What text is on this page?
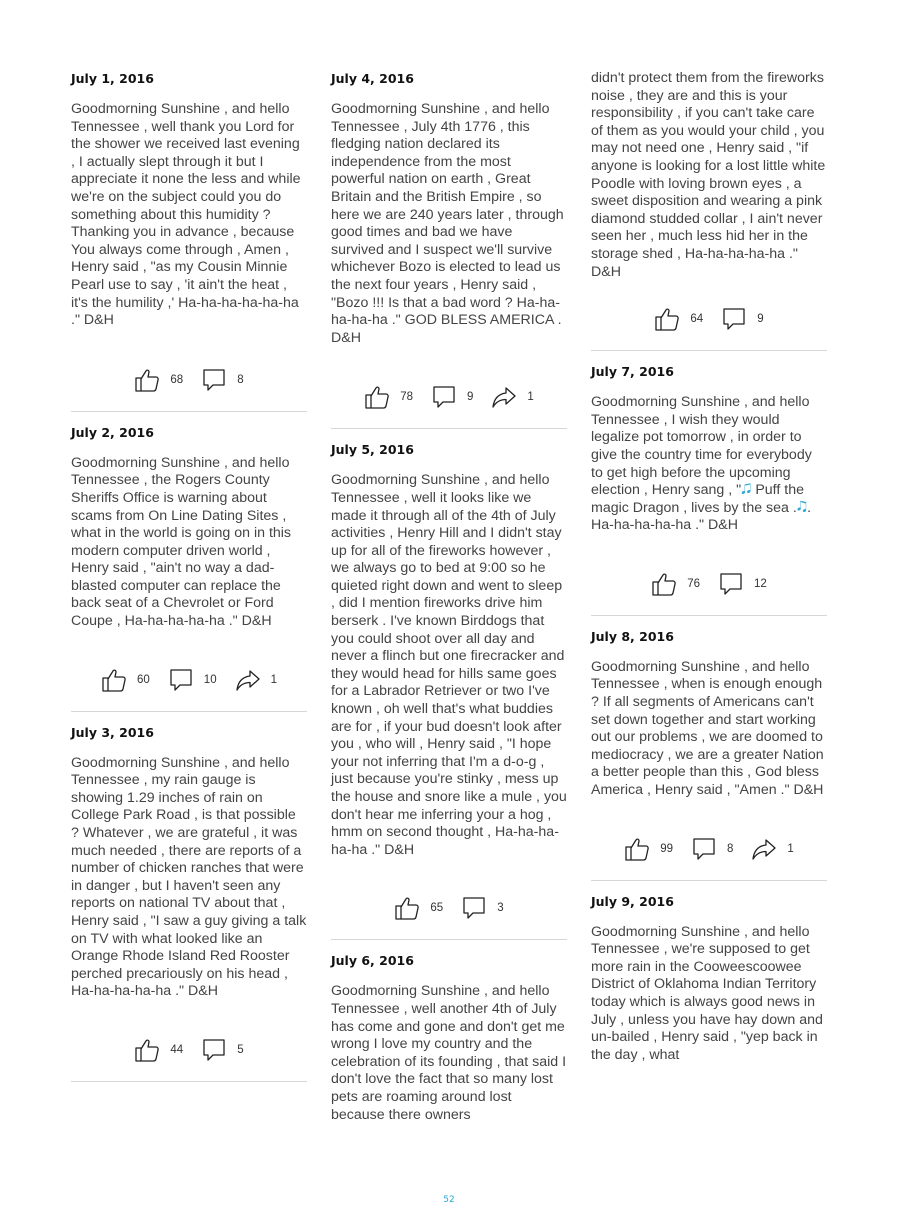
July 1, 2016

Goodmorning Sunshine , and hello Tennessee , well thank you Lord for the shower we received last evening , I actually slept through it but I appreciate it none the less and while we're on the subject could you do something about this humidity ? Thanking you in advance , because You always come through , Amen , Henry said , "as my Cousin Minnie Pearl use to say , 'it ain't the heat , it's the humility ,' Ha-ha-ha-ha-ha-ha ." D&H

68	8

July 2, 2016

Goodmorning Sunshine , and hello Tennessee , the Rogers County Sheriffs Office is warning about scams from On Line Dating Sites , what in the world is going on in this modern computer driven world , Henry said , "ain't no way a dad-blasted computer can replace the back seat of a Chevrolet or Ford Coupe , Ha-ha-ha-ha-ha ." D&H

60	10	1

July 3, 2016

Goodmorning Sunshine , and hello Tennessee , my rain gauge is showing 1.29 inches of rain on College Park Road , is that possible ? Whatever , we are grateful , it was much needed , there are reports of a number of chicken ranches that were in danger , but I haven't seen any reports on national TV about that , Henry said , "I saw a guy giving a talk on TV with what looked like an Orange Rhode Island Red Rooster perched precariously on his head , Ha-ha-ha-ha-ha ." D&H

44	5

July 4, 2016

Goodmorning Sunshine , and hello Tennessee , July 4th 1776 , this fledging nation declared its independence from the most powerful nation on earth , Great Britain and the British Empire , so here we are 240 years later , through good times and bad we have survived and I suspect we'll survive whichever Bozo is elected to lead us the next four years , Henry said , "Bozo !!! Is that a bad word ? Ha-ha-ha-ha-ha ." GOD BLESS AMERICA . D&H

78	9	1

July 5, 2016

Goodmorning Sunshine , and hello Tennessee , well it looks like we made it through all of the 4th of July activities , Henry Hill and I didn't stay up for all of the fireworks however , we always go to bed at 9:00 so he quieted right down and went to sleep , did I mention fireworks drive him berserk . I've known Birddogs that you could shoot over all day and never a flinch but one firecracker and they would head for hills same goes for a Labrador Retriever or two I've known , oh well that's what buddies are for , if your bud doesn't look after you , who will , Henry said , "I hope your not inferring that I'm a d-o-g , just because you're stinky , mess up the house and snore like a mule , you don't hear me inferring your a hog , hmm on second thought , Ha-ha-ha-ha-ha ." D&H

65	3

July 6, 2016

Goodmorning Sunshine , and hello Tennessee , well another 4th of July has come and gone and don't get me wrong I love my country and the celebration of its founding , that said I don't love the fact that so many lost pets are roaming around lost because there owners

didn't protect them from the fireworks noise , they are and this is your responsibility , if you can't take care of them as you would your child , you may not need one , Henry said , "if anyone is looking for a lost little white Poodle with loving brown eyes , a sweet disposition and wearing a pink diamond studded collar , I ain't never seen her , much less hid her in the storage shed , Ha-ha-ha-ha-ha ." D&H

64	9

July 7, 2016

Goodmorning Sunshine , and hello Tennessee , I wish they would legalize pot tomorrow , in order to give the country time for everybody to get high before the upcoming election , Henry sang , "🎜 Puff the magic Dragon , lives by the sea .🎝. Ha-ha-ha-ha-ha ." D&H

76	12

July 8, 2016

Goodmorning Sunshine , and hello Tennessee , when is enough enough ? If all segments of Americans can't set down together and start working out our problems , we are doomed to mediocracy , we are a greater Nation a better people than this , God bless America , Henry said , "Amen ." D&H

99	8	1

July 9, 2016

Goodmorning Sunshine , and hello Tennessee , we're supposed to get more rain in the Cooweescoowee District of Oklahoma Indian Territory today which is always good news in July , unless you have hay down and un-bailed , Henry said , "yep back in the day , what

52
